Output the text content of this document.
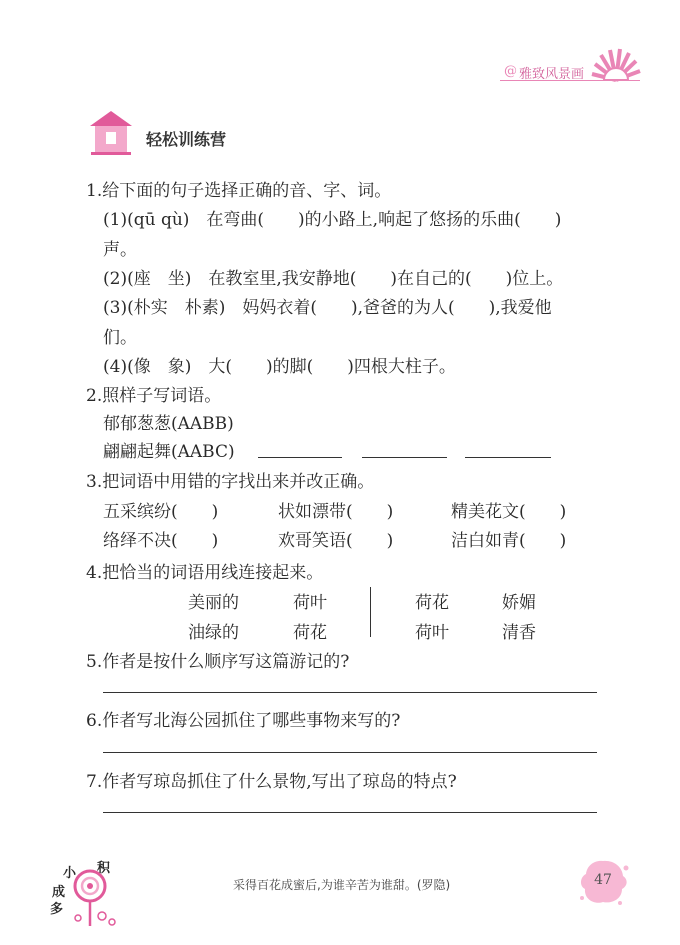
@ 雅致风景画
轻松训练营
1.给下面的句子选择正确的音、字、词。
(1)(qū qù)　在弯曲(　　)的小路上,响起了悠扬的乐曲(　　)
声。
(2)(座　坐)　在教室里,我安静地(　　)在自己的(　　)位上。
(3)(朴实　朴素)　妈妈衣着(　　),爸爸的为人(　　),我爱他
们。
(4)(像　象)　大(　　)的脚(　　)四根大柱子。
2.照样子写词语。
郁郁葱葱(AABB)
翩翩起舞(AABC)
3.把词语中用错的字找出来并改正确。
五采缤纷(　　)	状如漂带(　　)	精美花文(　　)
络绎不决(　　)	欢哥笑语(　　)	洁白如青(　　)
4.把恰当的词语用线连接起来。
美丽的	荷叶
油绿的	荷花
荷花	娇媚
荷叶	清香
5.作者是按什么顺序写这篇游记的?
6.作者写北海公园抓住了哪些事物来写的?
7.作者写琼岛抓住了什么景物,写出了琼岛的特点?
小 积
成
多
采得百花成蜜后,为谁辛苦为谁甜。(罗隐)	47
